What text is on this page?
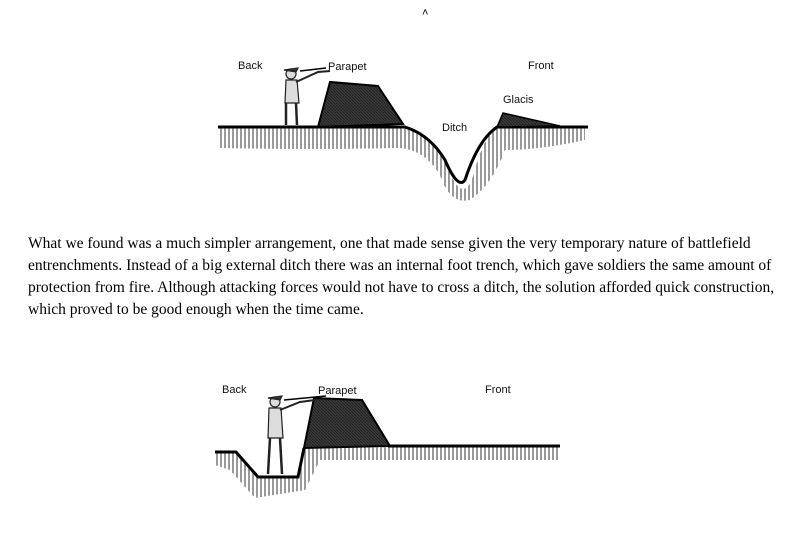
˄
Back	Parapet	Front
Glacis
Ditch

What we found was a much simpler arrangement, one that made sense given the very temporary nature of battlefield entrenchments. Instead of a big external ditch there was an internal foot trench, which gave soldiers the same amount of protection from fire. Although attacking forces would not have to cross a ditch, the solution afforded quick construction, which proved to be good enough when the time came.

Back	Parapet	Front
